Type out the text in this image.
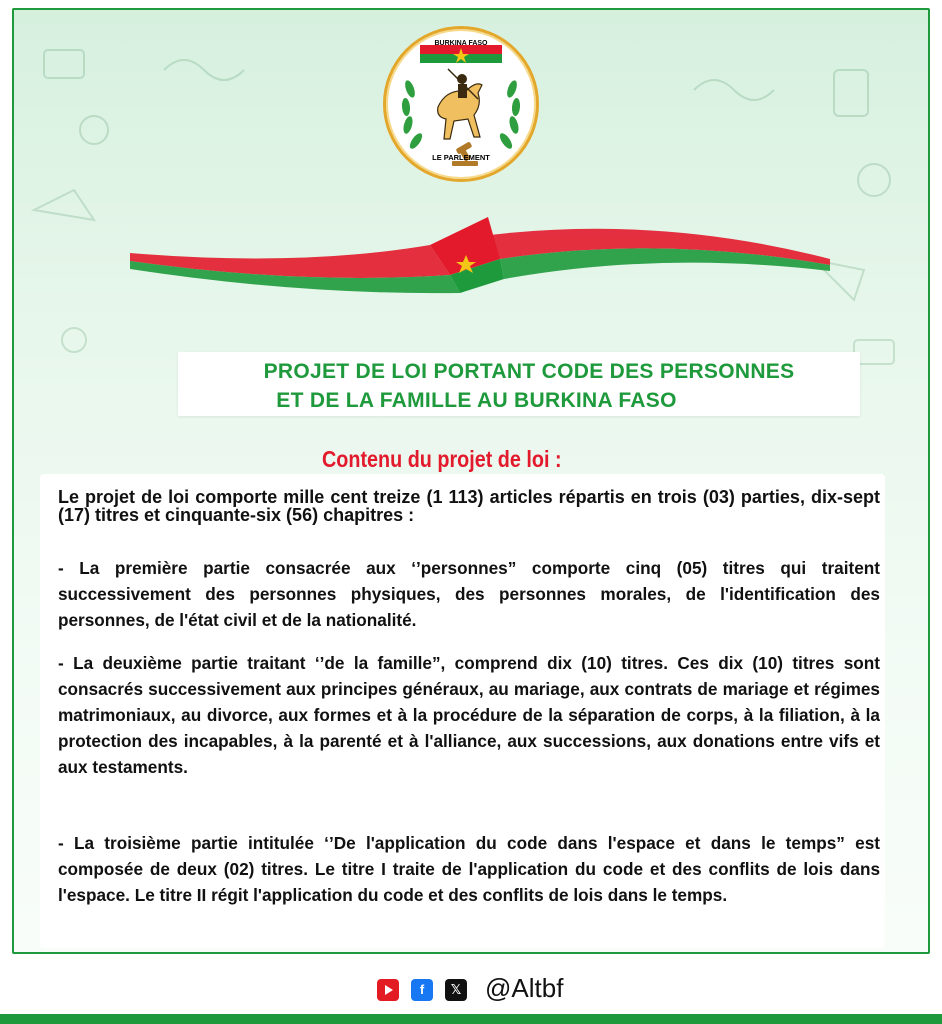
BURKINA FASO
LE PARLEMENT
PROJET DE LOI PORTANT CODE DES PERSONNES
ET DE LA FAMILLE AU BURKINA FASO
Contenu du projet de loi :
Le projet de loi comporte mille cent treize (1 113) articles répartis en trois (03) parties, dix-sept (17) titres et cinquante-six (56) chapitres :
- La première partie consacrée aux ‘’personnes” comporte cinq (05) titres qui traitent successivement des personnes physiques, des personnes morales, de l'identification des personnes, de l'état civil et de la nationalité.
- La deuxième partie traitant ‘’de la famille”, comprend dix (10) titres. Ces dix (10) titres sont consacrés successivement aux principes généraux, au mariage, aux contrats de mariage et régimes matrimoniaux, au divorce, aux formes et à la procédure de la séparation de corps, à la filiation, à la protection des incapables, à la parenté et à l'alliance, aux successions, aux donations entre vifs et aux testaments.
- La troisième partie intitulée ‘’De l'application du code dans l'espace et dans le temps” est composée de deux (02) titres. Le titre I traite de l'application du code et des conflits de lois dans l'espace. Le titre II régit l'application du code et des conflits de lois dans le temps.
f	𝕏 @Altbf
